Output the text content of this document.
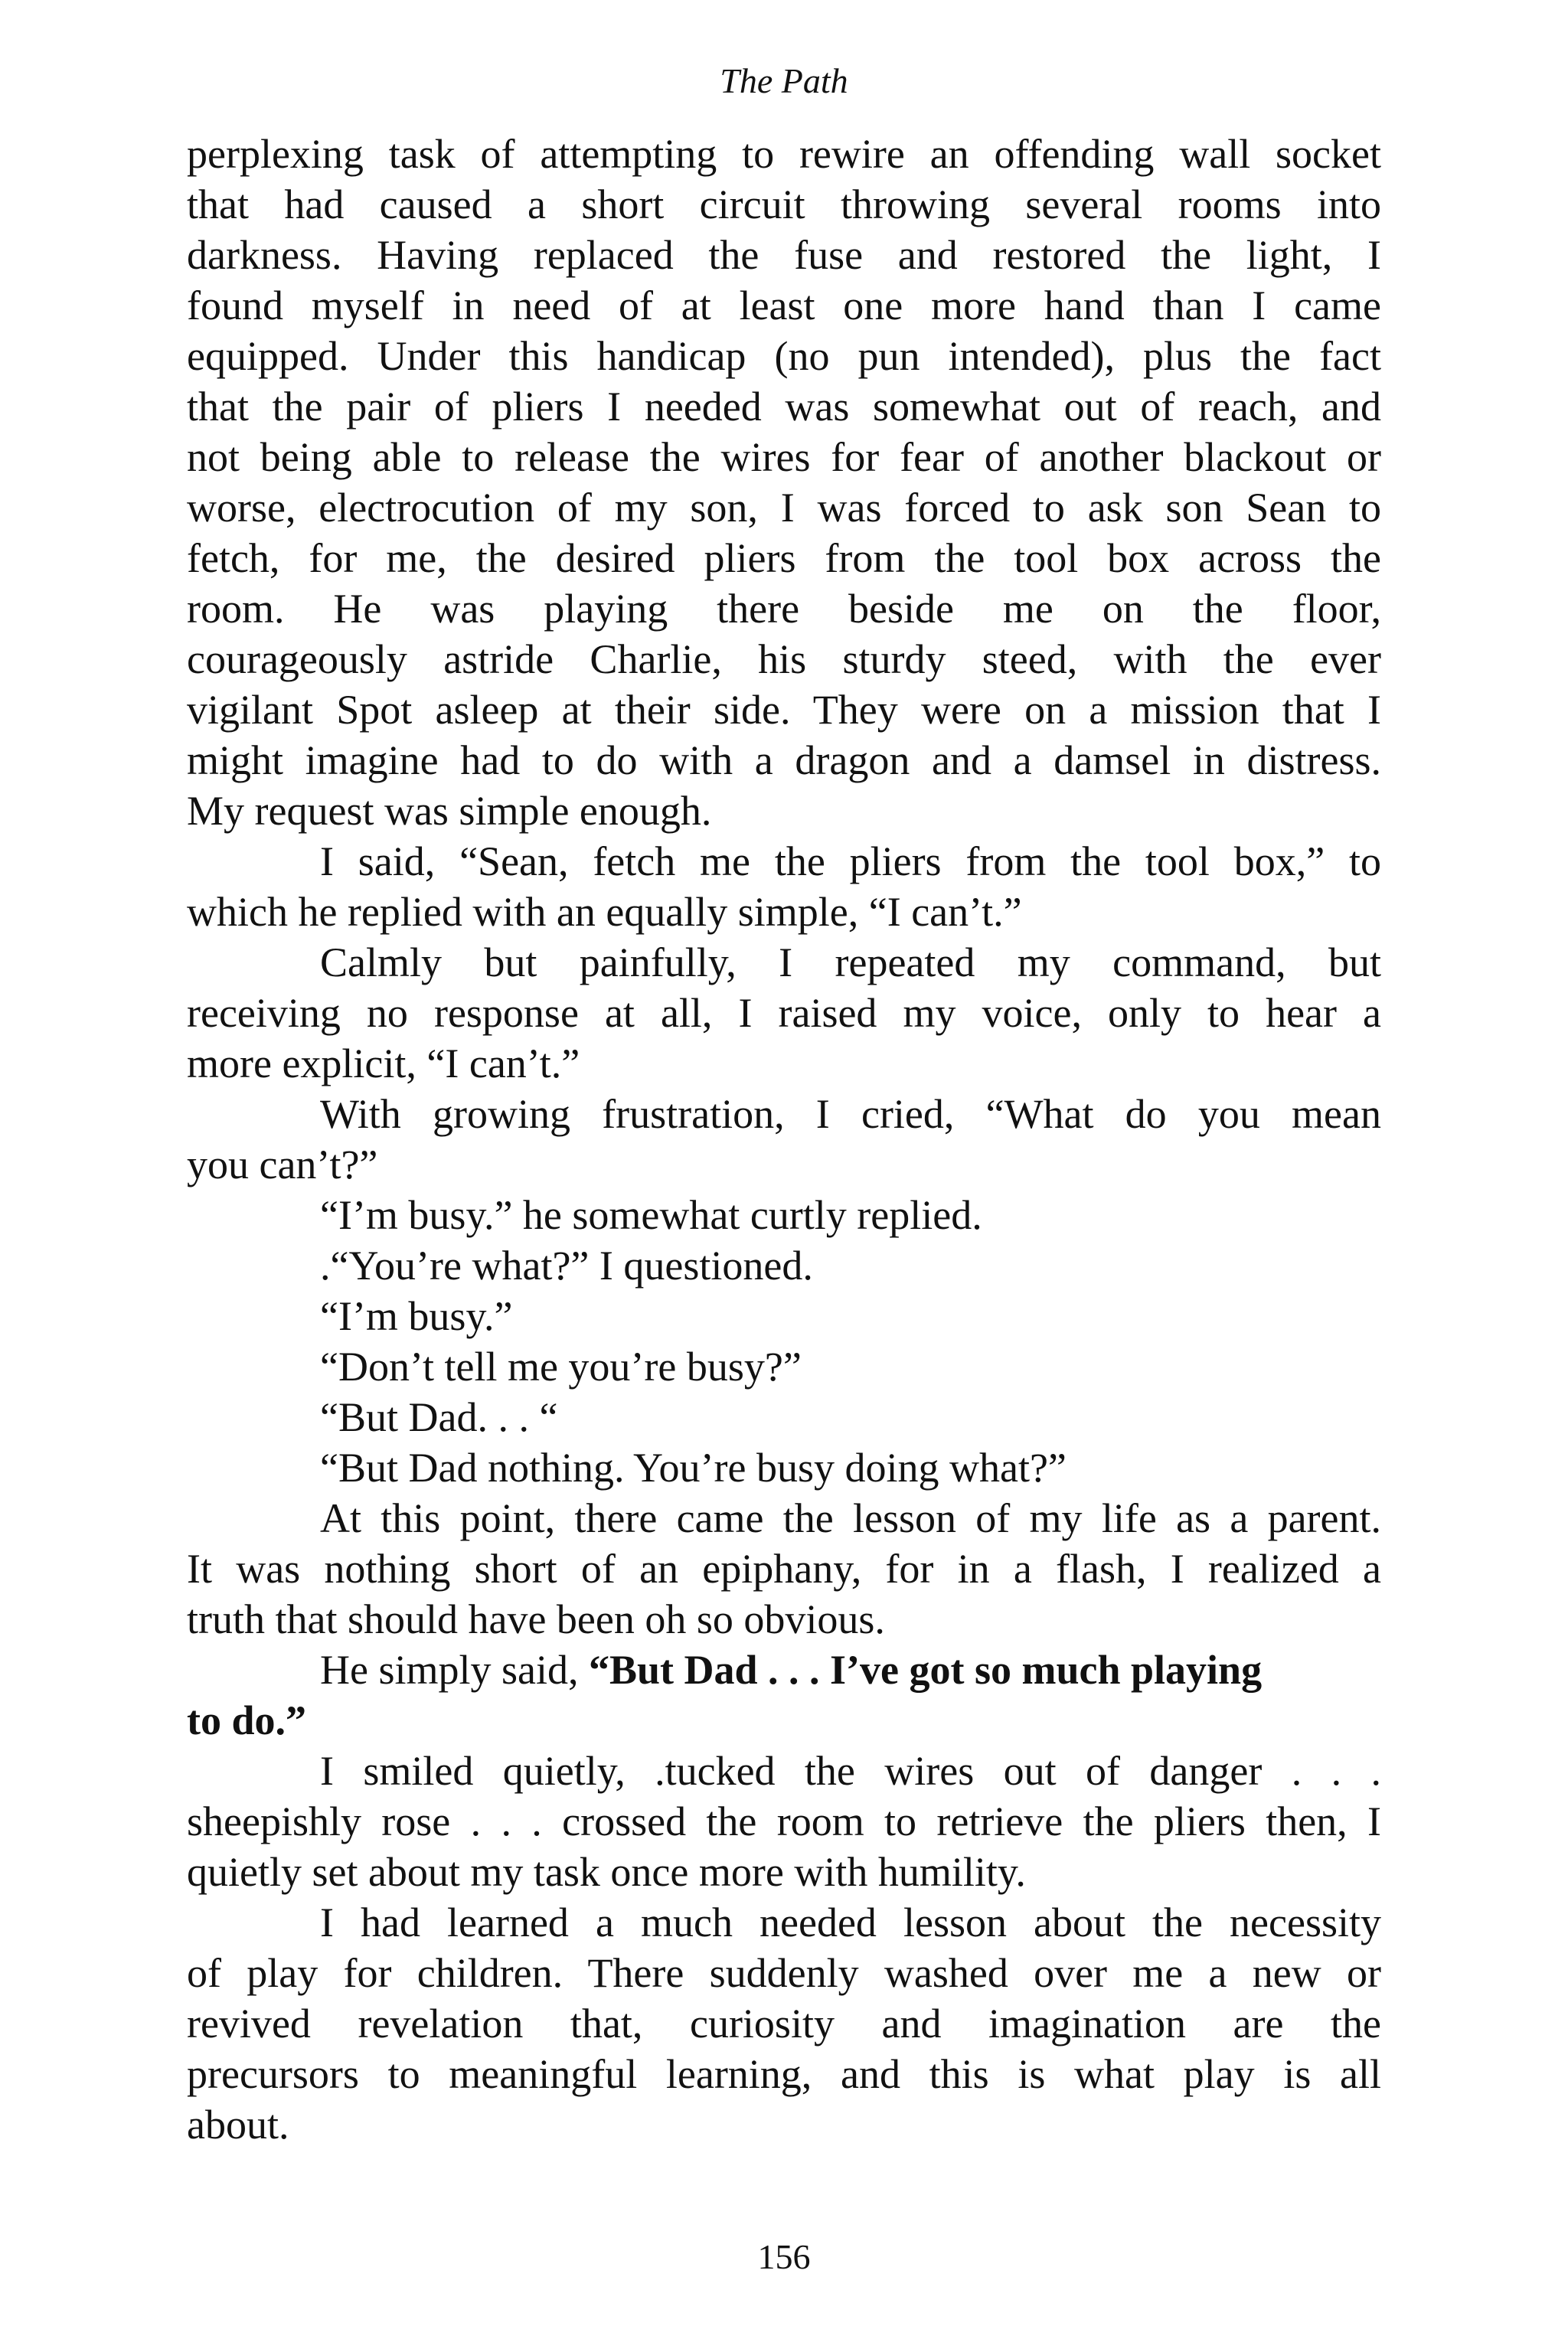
The Path
perplexing task of attempting to rewire an offending wall socket
that had caused a short circuit throwing several rooms into
darkness. Having replaced the fuse and restored the light, I
found myself in need of at least one more hand than I came
equipped. Under this handicap (no pun intended), plus the fact
that the pair of pliers I needed was somewhat out of reach, and
not being able to release the wires for fear of another blackout or
worse, electrocution of my son, I was forced to ask son Sean to
fetch, for me, the desired pliers from the tool box across the
room. He was playing there beside me on the floor,
courageously astride Charlie, his sturdy steed, with the ever
vigilant Spot asleep at their side. They were on a mission that I
might imagine had to do with a dragon and a damsel in distress.
My request was simple enough.
I said, “Sean, fetch me the pliers from the tool box,” to
which he replied with an equally simple, “I can’t.”
Calmly but painfully, I repeated my command, but
receiving no response at all, I raised my voice, only to hear a
more explicit, “I can’t.”
With growing frustration, I cried, “What do you mean
you can’t?”
“I’m busy.” he somewhat curtly replied.
.“You’re what?” I questioned.
“I’m busy.”
“Don’t tell me you’re busy?”
“But Dad. . . “
“But Dad nothing. You’re busy doing what?”
At this point, there came the lesson of my life as a parent.
It was nothing short of an epiphany, for in a flash, I realized a
truth that should have been oh so obvious.
He simply said, “But Dad . . . I’ve got so much playing
to do.”
I smiled quietly, .tucked the wires out of danger . . .
sheepishly rose . . . crossed the room to retrieve the pliers then, I
quietly set about my task once more with humility.
I had learned a much needed lesson about the necessity
of play for children. There suddenly washed over me a new or
revived revelation that, curiosity and imagination are the
precursors to meaningful learning, and this is what play is all
about.
156
